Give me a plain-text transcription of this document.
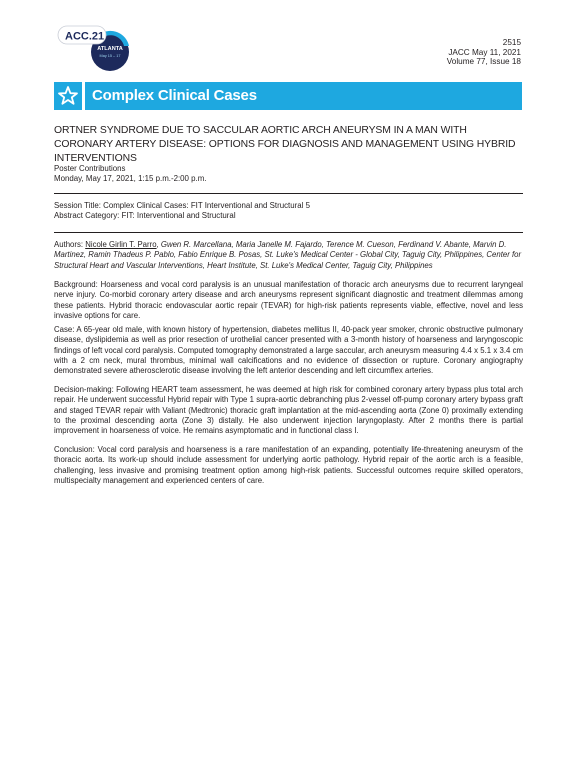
ACC.21
ATLANTA
May 15 – 17
2515
JACC May 11, 2021
Volume 77, Issue 18
Complex Clinical Cases
ORTNER SYNDROME DUE TO SACCULAR AORTIC ARCH ANEURYSM IN A MAN WITH CORONARY ARTERY DISEASE: OPTIONS FOR DIAGNOSIS AND MANAGEMENT USING HYBRID INTERVENTIONS
Poster Contributions
Monday, May 17, 2021, 1:15 p.m.-2:00 p.m.
Session Title: Complex Clinical Cases: FIT Interventional and Structural 5
Abstract Category: FIT: Interventional and Structural
Authors: Nicole Girlin T. Parro, Gwen R. Marcellana, Maria Janelle M. Fajardo, Terence M. Cueson, Ferdinand V. Abante, Marvin D. Martinez, Ramin Thadeus P. Pablo, Fabio Enrique B. Posas, St. Luke's Medical Center - Global City, Taguig City, Philippines, Center for Structural Heart and Vascular Interventions, Heart Institute, St. Luke's Medical Center, Taguig City, Philippines
Background: Hoarseness and vocal cord paralysis is an unusual manifestation of thoracic arch aneurysms due to recurrent laryngeal nerve injury. Co-morbid coronary artery disease and arch aneurysms represent significant diagnostic and treatment dilemmas among these patients. Hybrid thoracic endovascular aortic repair (TEVAR) for high-risk patients represents viable, effective, novel and less invasive options for care.
Case: A 65-year old male, with known history of hypertension, diabetes mellitus II, 40-pack year smoker, chronic obstructive pulmonary disease, dyslipidemia as well as prior resection of urothelial cancer presented with a 3-month history of hoarseness and laryngoscopic findings of left vocal cord paralysis. Computed tomography demonstrated a large saccular, arch aneurysm measuring 4.4 x 5.1 x 3.4 cm with a 2 cm neck, mural thrombus, minimal wall calcifications and no evidence of dissection or rupture. Coronary angiography demonstrated severe atherosclerotic disease involving the left anterior descending and left circumflex arteries.
Decision-making: Following HEART team assessment, he was deemed at high risk for combined coronary artery bypass plus total arch repair. He underwent successful Hybrid repair with Type 1 supra-aortic debranching plus 2-vessel off-pump coronary artery bypass graft and staged TEVAR repair with Valiant (Medtronic) thoracic graft implantation at the mid-ascending aorta (Zone 0) proximally extending to the proximal descending aorta (Zone 3) distally. He also underwent injection laryngoplasty. After 2 months there is partial improvement in hoarseness of voice. He remains asymptomatic and in functional class I.
Conclusion: Vocal cord paralysis and hoarseness is a rare manifestation of an expanding, potentially life-threatening aneurysm of the thoracic aorta. Its work-up should include assessment for underlying aortic pathology. Hybrid repair of the aortic arch is a feasible, challenging, less invasive and promising treatment option among high-risk patients. Successful outcomes require skilled operators, multispecialty management and experienced centers of care.
